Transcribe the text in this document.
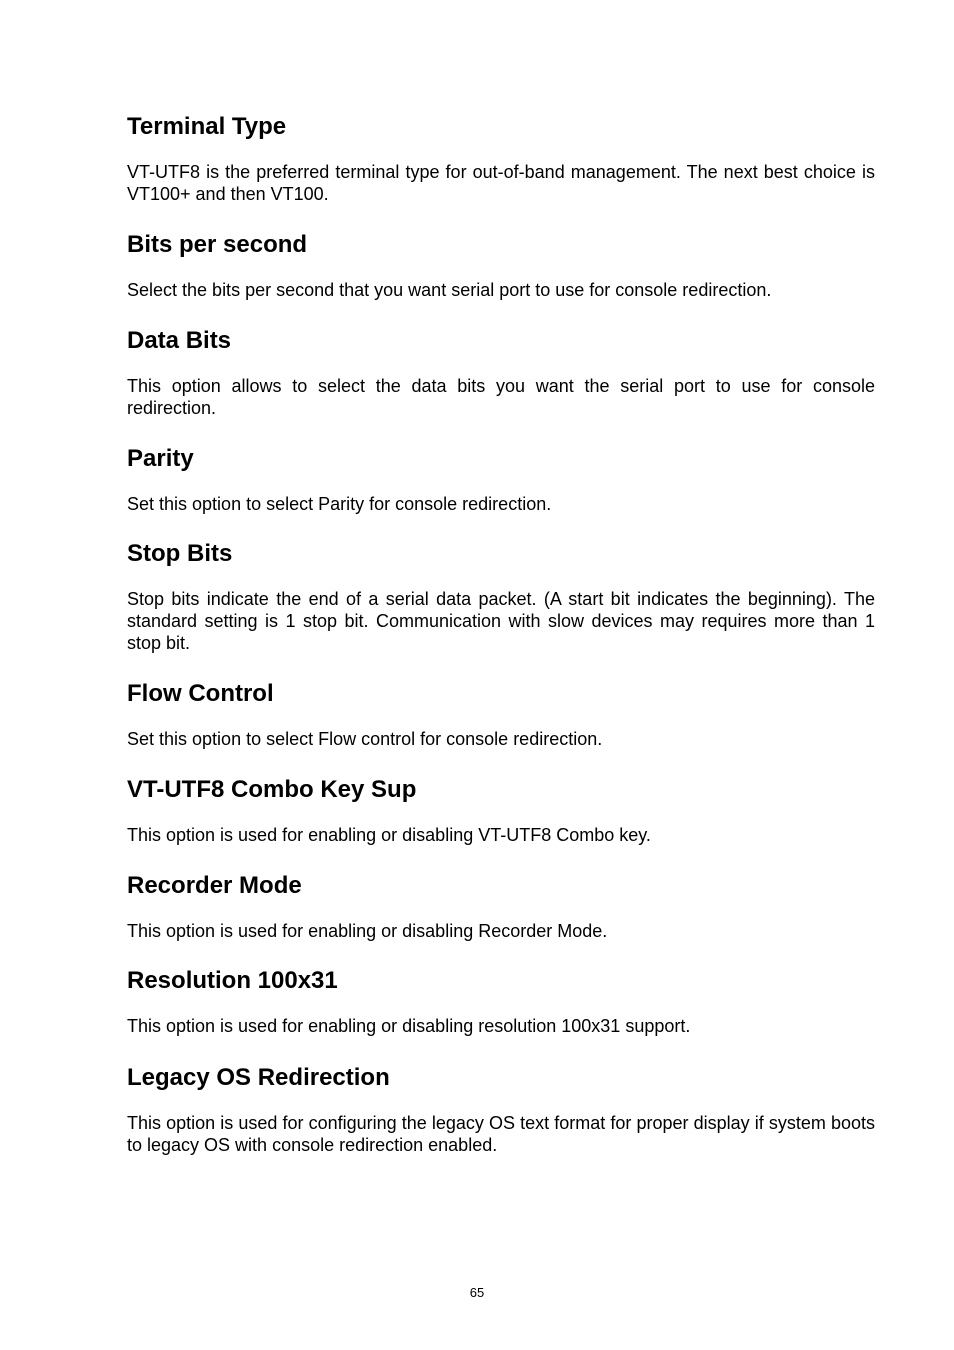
Terminal Type

VT-UTF8 is the preferred terminal type for out-of-band management. The next best choice is VT100+ and then VT100.

Bits per second

Select the bits per second that you want serial port to use for console redirection.

Data Bits

This option allows to select the data bits you want the serial port to use for console redirection.

Parity

Set this option to select Parity for console redirection.

Stop Bits

Stop bits indicate the end of a serial data packet. (A start bit indicates the beginning). The standard setting is 1 stop bit. Communication with slow devices may requires more than 1 stop bit.

Flow Control

Set this option to select Flow control for console redirection.

VT-UTF8 Combo Key Sup

This option is used for enabling or disabling VT-UTF8 Combo key.

Recorder Mode

This option is used for enabling or disabling Recorder Mode.

Resolution 100x31

This option is used for enabling or disabling resolution 100x31 support.

Legacy OS Redirection

This option is used for configuring the legacy OS text format for proper display if system boots to legacy OS with console redirection enabled.

65
